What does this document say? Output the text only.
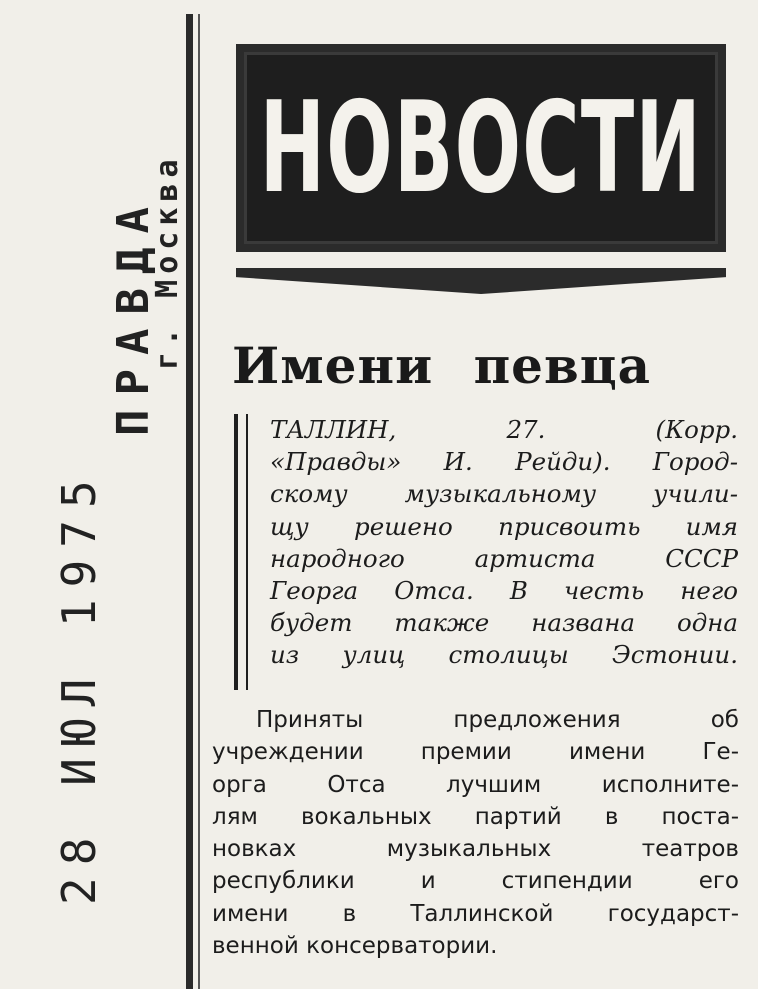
ПРАВДА
г. Москва
28 ИЮЛ 1975
НОВОСТИ
Имени певца
ТАЛЛИН, 27. (Корр.
«Правды» И. Рейди). Город-
скому музыкальному учили-
щу решено присвоить имя
народного артиста СССР
Георга Отса. В честь него
будет также названа одна
из улиц столицы Эстонии.
Приняты предложения об
учреждении премии имени Ге-
орга Отса лучшим исполните-
лям вокальных партий в поста-
новках музыкальных театров
республики и стипендии его
имени в Таллинской государст-
венной консерватории.
